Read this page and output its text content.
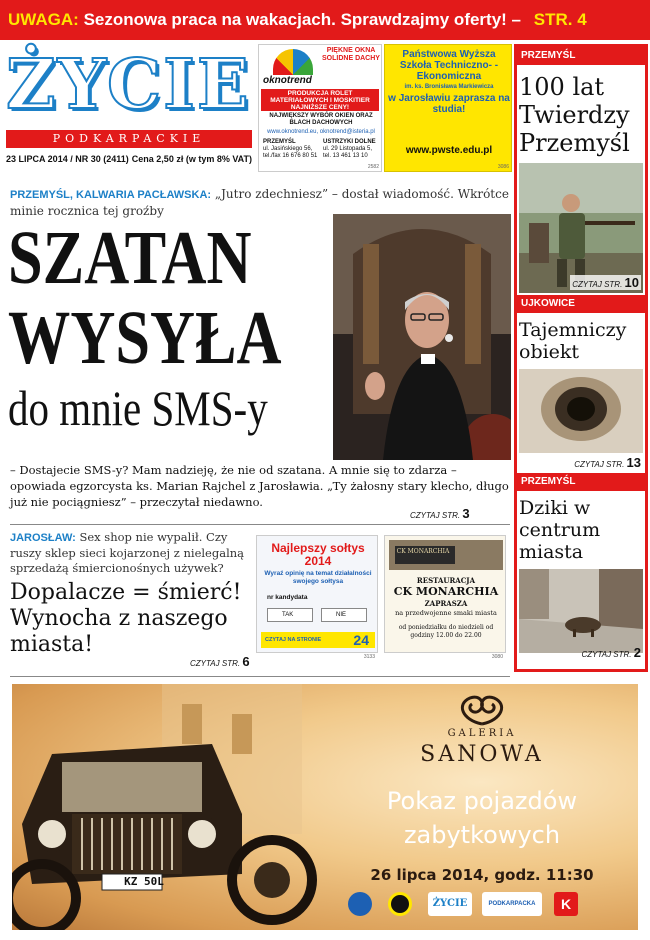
UWAGA: Sezonowa praca na wakacjach. Sprawdzajmy oferty! – STR. 4
ŻYCIE
PODKARPACKIE
23 LIPCA 2014 / NR 30 (2411) Cena 2,50 zł (w tym 8% VAT)
oknotrend
PIĘKNE OKNA SOLIDNE DACHY
PRODUKCJA ROLET MATERIAŁOWYCH I MOSKITIER NAJNIŻSZE CENY!
NAJWIĘKSZY WYBÓR OKIEN ORAZ BLACH DACHOWYCH
www.oknotrend.eu, oknotrend@isteria.pl
PRZEMYŚL
ul. Jasińskiego 56, tel./fax 16 676 80 51
USTRZYKI DOLNE
ul. 29 Listopada 5, tel. 13 461 13 10
2582
Państwowa Wyższa Szkoła Techniczno- -Ekonomiczna
im. ks. Bronisława Markiewicza
w Jarosławiu zaprasza na studia!
www.pwste.edu.pl
3086
PRZEMYŚL
100 lat Twierdzy Przemyśl
CZYTAJ STR. 10
UJKOWICE
Tajemniczy obiekt
CZYTAJ STR. 13
PRZEMYŚL
Dziki w centrum miasta
CZYTAJ STR. 2
PRZEMYŚL, KALWARIA PACŁAWSKA: „Jutro zdechniesz” – dostał wiadomość. Wkrótce minie rocznica tej groźby
SZATAN
WYSYŁA
do mnie SMS-y
– Dostajecie SMS-y? Mam nadzieję, że nie od szatana. A mnie się to zdarza – opowiada egzorcysta ks. Marian Rajchel z Jarosławia. „Ty żałosny stary klecho, długo już nie pociągniesz” – przeczytał niedawno.
CZYTAJ STR. 3
JAROSŁAW: Sex shop nie wypalił. Czy ruszy sklep sieci kojarzonej z nielegalną sprzedażą śmiercionośnych używek?
Dopalacze = śmierć! Wynocha z naszego miasta!
CZYTAJ STR. 6
Najlepszy sołtys 2014
Wyraź opinię na temat działalności swojego sołtysa
nr kandydata
TAK	NIE
CZYTAJ NA STRONIE 24
3133
CK MONARCHIA
RESTAURACJA
CK MONARCHIA
ZAPRASZA
na przedwojenne smaki miasta
od poniedziałku do niedzieli od godziny 12.00 do 22.00
3080
KZ 50L
GALERIA
SANOWA
Pokaz pojazdów zabytkowych
26 lipca 2014, godz. 11:30
ŻYCIE	PODKARPACKA	K
